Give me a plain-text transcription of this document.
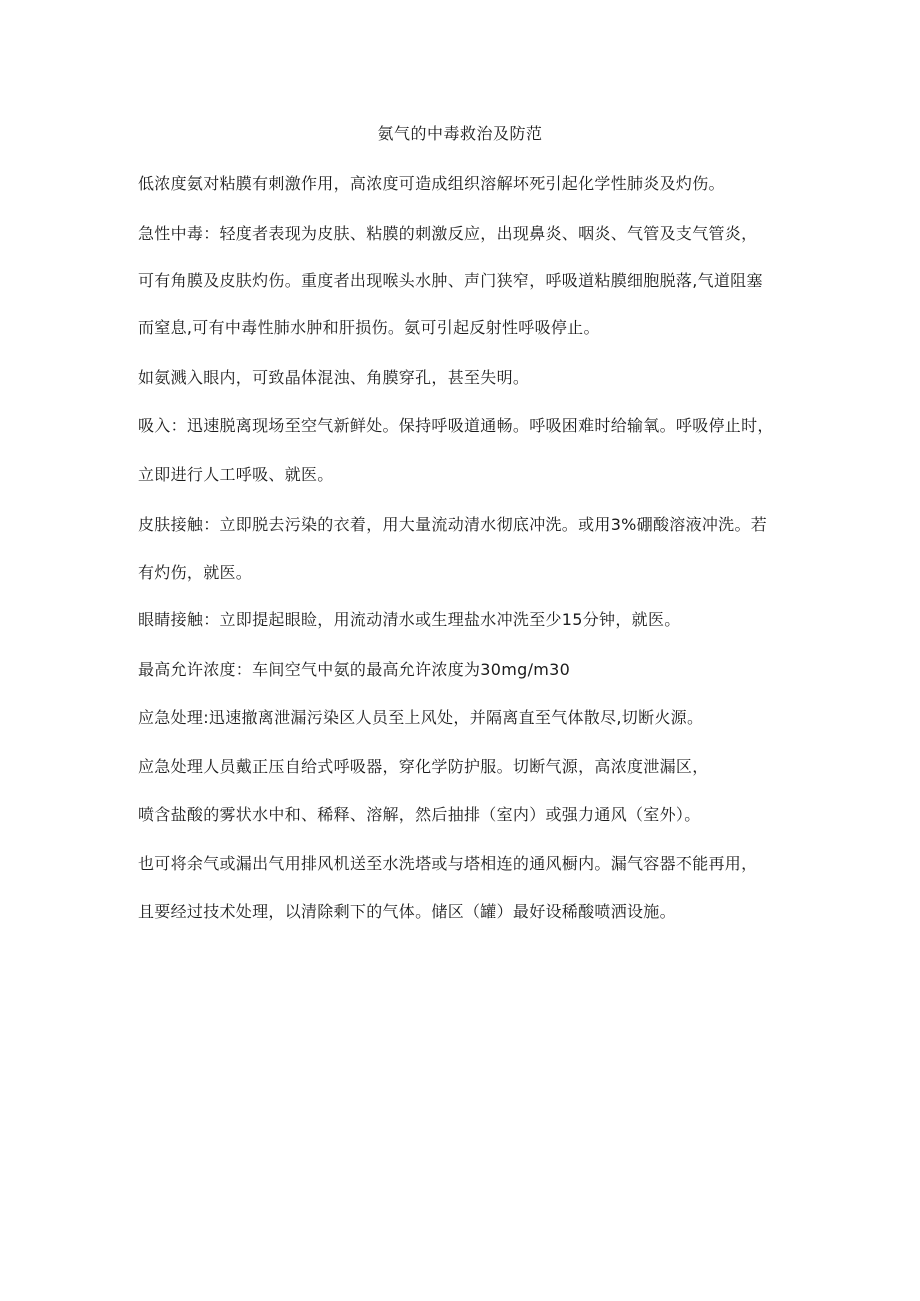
氨气的中毒救治及防范
低浓度氨对粘膜有刺激作用，高浓度可造成组织溶解坏死引起化学性肺炎及灼伤。
急性中毒：轻度者表现为皮肤、粘膜的刺激反应，出现鼻炎、咽炎、气管及支气管炎，
可有角膜及皮肤灼伤。重度者出现喉头水肿、声门狭窄，呼吸道粘膜细胞脱落,气道阻塞
而窒息,可有中毒性肺水肿和肝损伤。氨可引起反射性呼吸停止。
如氨溅入眼内，可致晶体混浊、角膜穿孔，甚至失明。
吸入：迅速脱离现场至空气新鲜处。保持呼吸道通畅。呼吸困难时给输氧。呼吸停止时，
立即进行人工呼吸、就医。
皮肤接触：立即脱去污染的衣着，用大量流动清水彻底冲洗。或用3%硼酸溶液冲洗。若
有灼伤，就医。
眼睛接触：立即提起眼睑，用流动清水或生理盐水冲洗至少15分钟，就医。
最高允许浓度：车间空气中氨的最高允许浓度为30mg∕m30
应急处理:迅速撤离泄漏污染区人员至上风处，并隔离直至气体散尽,切断火源。
应急处理人员戴正压自给式呼吸器，穿化学防护服。切断气源，高浓度泄漏区，
喷含盐酸的雾状水中和、稀释、溶解，然后抽排（室内）或强力通风（室外）。
也可将余气或漏出气用排风机送至水洗塔或与塔相连的通风橱内。漏气容器不能再用，
且要经过技术处理，以清除剩下的气体。储区（罐）最好设稀酸喷洒设施。
